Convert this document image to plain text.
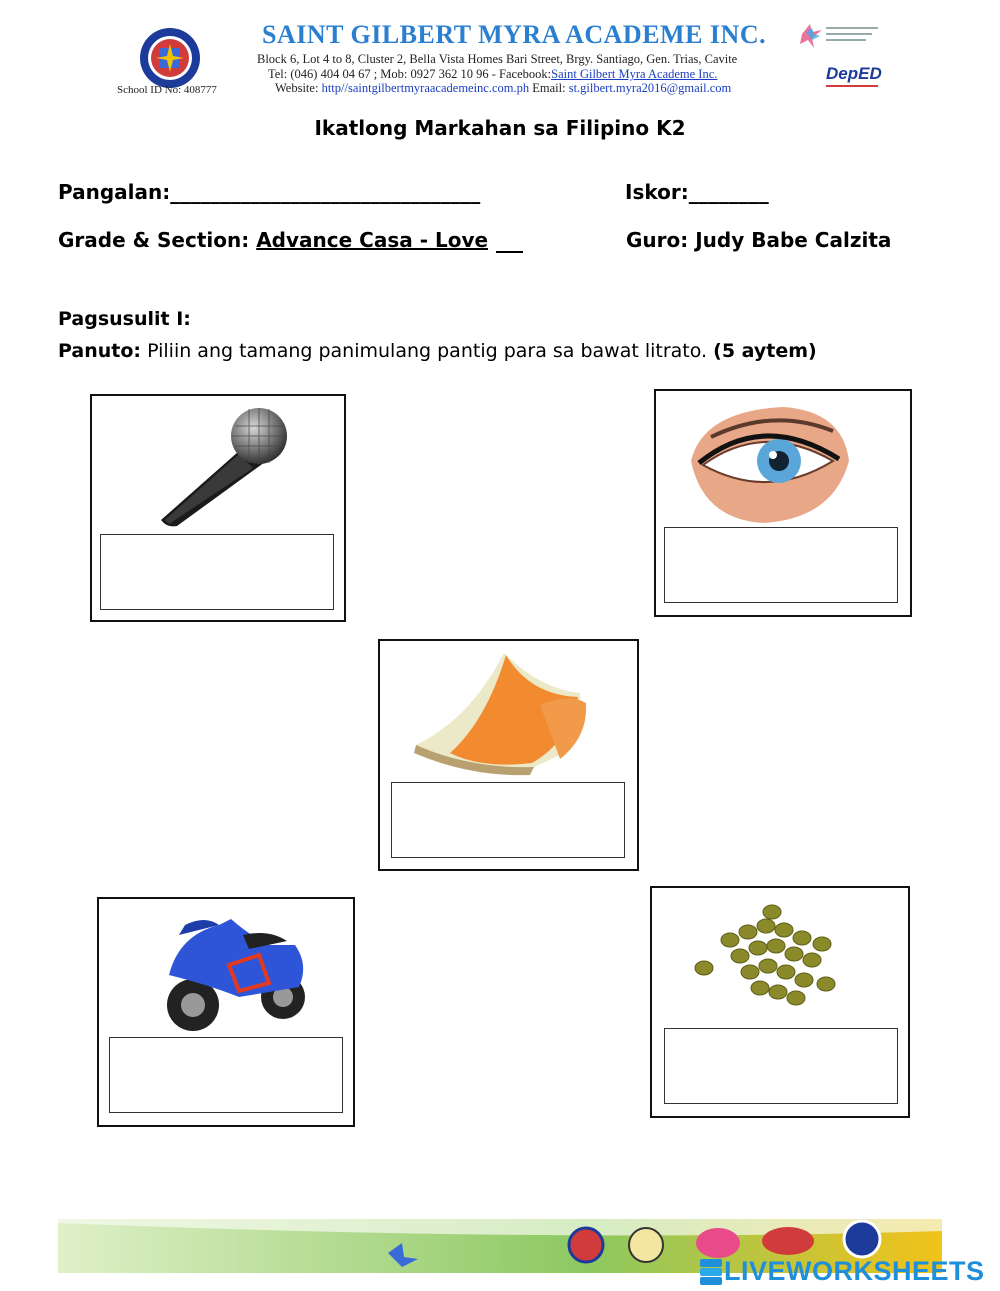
School ID No: 408777
SAINT GILBERT MYRA ACADEME INC.
Block 6, Lot 4 to 8, Cluster 2, Bella Vista Homes Bari Street, Brgy. Santiago, Gen. Trias, Cavite
Tel: (046) 404 04 67 ; Mob: 0927 362 10 96 - Facebook:Saint Gilbert Myra Academe Inc.
Website: http//saintgilbertmyraacademeinc.com.ph Email: st.gilbert.myra2016@gmail.com
DepED
Ikatlong Markahan sa Filipino K2
Pangalan:_______________________________	Iskor:________
Grade & Section: Advance Casa - Love	Guro: Judy Babe Calzita
Pagsusulit I:
Panuto: Piliin ang tamang panimulang pantig para sa bawat litrato. (5 aytem)
LIVEWORKSHEETS
